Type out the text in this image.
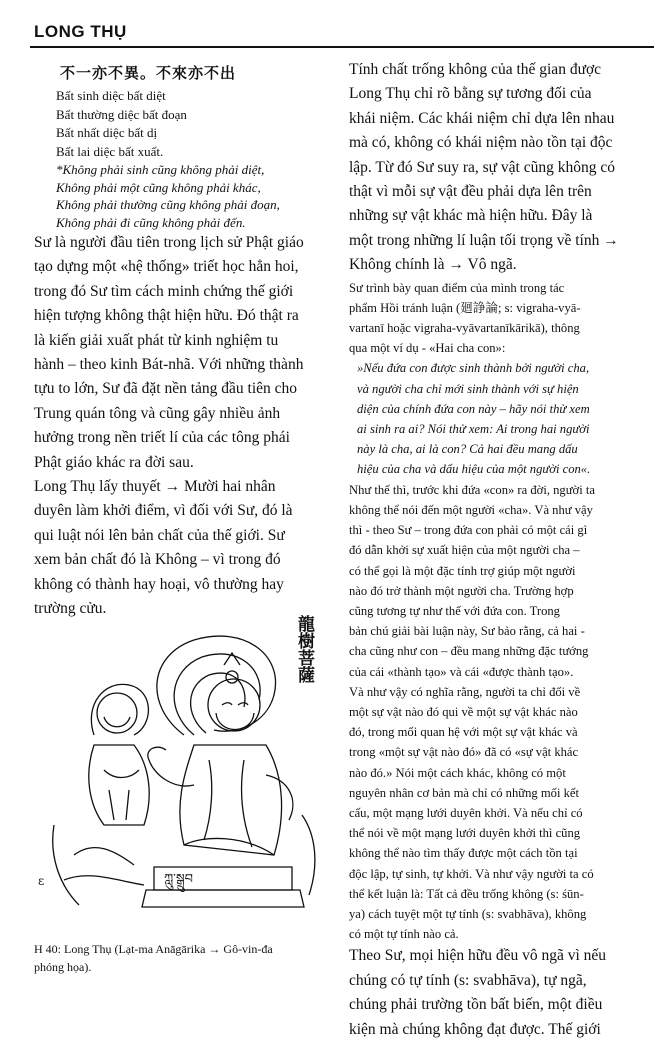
LONG THỤ
不一亦不異。不來亦不出
Bất sinh diệc bất diệt
Bất thường diệc bất đoạn
Bất nhất diệc bất dị
Bất lai diệc bất xuất.
*Không phải sinh cũng không phải diệt,
Không phải một cũng không phải khác,
Không phải thường cũng không phải đoạn,
Không phải đi cũng không phải đến.

Sư là người đầu tiên trong lịch sử Phật giáo

tạo dựng một «hệ thống» triết học hẳn hoi,

trong đó Sư tìm cách minh chứng thế giới

hiện tượng không thật hiện hữu. Đó thật ra

là kiến giải xuất phát từ kinh nghiệm tu

hành – theo kinh Bát-nhã. Với những thành

tựu to lớn, Sư đã đặt nền tảng đầu tiên cho

Trung quán tông và cũng gây nhiều ảnh

hưởng trong nền triết lí của các tông phái

Phật giáo khác ra đời sau.

Long Thụ lấy thuyết → Mười hai nhân

duyên làm khởi điểm, vì đối với Sư, đó là

qui luật nói lên bản chất của thế giới. Sư

xem bản chất đó là Không – vì trong đó

không có thành hay hoại, vô thường hay

trường cửu.

龍樹菩薩
ཀླུ་སྒྲུབ
ɛ
H 40: Long Thụ (Lạt-ma Anāgārika → Gô-vin-đa
phóng họa).

Tính chất trống không của thế gian được

Long Thụ chỉ rõ bằng sự tương đối của

khái niệm. Các khái niệm chỉ dựa lên nhau

mà có, không có khái niệm nào tồn tại độc

lập. Từ đó Sư suy ra, sự vật cũng không có

thật vì mỗi sự vật đều phải dựa lên trên

những sự vật khác mà hiện hữu. Đây là

một trong những lí luận tối trọng về tính →

Không chính là → Vô ngã.

Sư trình bày quan điểm của mình trong tác

phẩm Hồi tránh luận (廻諍論; s: vigraha-vyā-

vartanī hoặc vigraha-vyāvartanīkārikā), thông

qua một ví dụ - «Hai cha con»:

»Nếu đứa con được sinh thành bởi người cha,

và người cha chỉ mới sinh thành với sự hiện

diện của chính đứa con này – hãy nói thử xem

ai sinh ra ai? Nói thử xem: Ai trong hai người

này là cha, ai là con? Cả hai đều mang dấu

hiệu của cha và dấu hiệu của một người con«.

Như thế thì, trước khi đứa «con» ra đời, người ta

không thể nói đến một người «cha». Và như vậy

thì - theo Sư – trong đứa con phải có một cái gì

đó dẫn khởi sự xuất hiện của một người cha –

có thể gọi là một đặc tính trợ giúp một người

nào đó trở thành một người cha. Trường hợp

cũng tương tự như thế với đứa con. Trong

bản chú giải bài luận này, Sư bảo rằng, cả hai -

cha cũng như con – đều mang những đặc tướng

của cái «thành tạo» và cái «được thành tạo».

Và như vậy có nghĩa rằng, người ta chỉ đối về

một sự vật nào đó qui về một sự vật khác nào

đó, trong mối quan hệ với một sự vật khác và

trong «một sự vật nào đó» đã có «sự vật khác

nào đó.» Nói một cách khác, không có một

nguyên nhân cơ bản mà chỉ có những mối kết

cấu, một mạng lưới duyên khởi. Và nếu chỉ có

thể nói về một mạng lưới duyên khởi thì cũng

không thể nào tìm thấy được một cách tồn tại

độc lập, tự sinh, tự khởi. Và như vậy người ta có

thể kết luận là: Tất cả đều trống không (s: śūn-

ya) cách tuyệt một tự tính (s: svabhāva), không

có một tự tính nào cả.

Theo Sư, mọi hiện hữu đều vô ngã vì nếu

chúng có tự tính (s: svabhāva), tự ngã,

chúng phải trường tồn bất biến, một điều

kiện mà chúng không đạt được. Thế giới
